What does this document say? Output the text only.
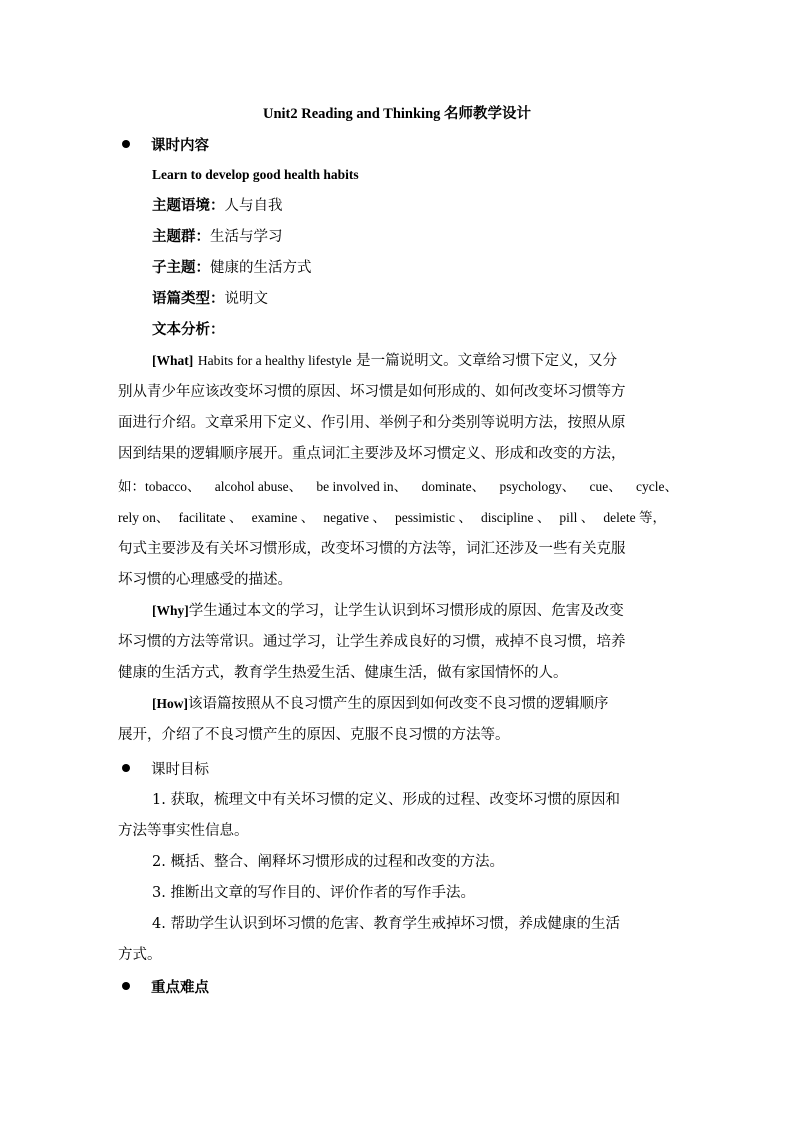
Unit2 Reading and Thinking 名师教学设计
课时内容
Learn to develop good health habits
主题语境：人与自我
主题群：生活与学习
子主题：健康的生活方式
语篇类型：说明文
文本分析：
[What] Habits for a healthy lifestyle 是一篇说明文。文章给习惯下定义，又分
别从青少年应该改变坏习惯的原因、坏习惯是如何形成的、如何改变坏习惯等方
面进行介绍。文章采用下定义、作引用、举例子和分类别等说明方法，按照从原
因到结果的逻辑顺序展开。重点词汇主要涉及坏习惯定义、形成和改变的方法，
如：tobacco、 alcohol abuse、 be involved in、 dominate、 psychology、 cue、 cycle、
rely on、 facilitate 、 examine 、 negative 、 pessimistic 、 discipline 、 pill 、 delete 等，
句式主要涉及有关坏习惯形成，改变坏习惯的方法等，词汇还涉及一些有关克服
坏习惯的心理感受的描述。
[Why]学生通过本文的学习，让学生认识到坏习惯形成的原因、危害及改变
坏习惯的方法等常识。通过学习，让学生养成良好的习惯，戒掉不良习惯，培养
健康的生活方式，教育学生热爱生活、健康生活，做有家国情怀的人。
[How]该语篇按照从不良习惯产生的原因到如何改变不良习惯的逻辑顺序
展开，介绍了不良习惯产生的原因、克服不良习惯的方法等。
课时目标
1. 获取，梳理文中有关坏习惯的定义、形成的过程、改变坏习惯的原因和
方法等事实性信息。
2. 概括、整合、阐释坏习惯形成的过程和改变的方法。
3. 推断出文章的写作目的、评价作者的写作手法。
4. 帮助学生认识到坏习惯的危害、教育学生戒掉坏习惯，养成健康的生活
方式。
重点难点
